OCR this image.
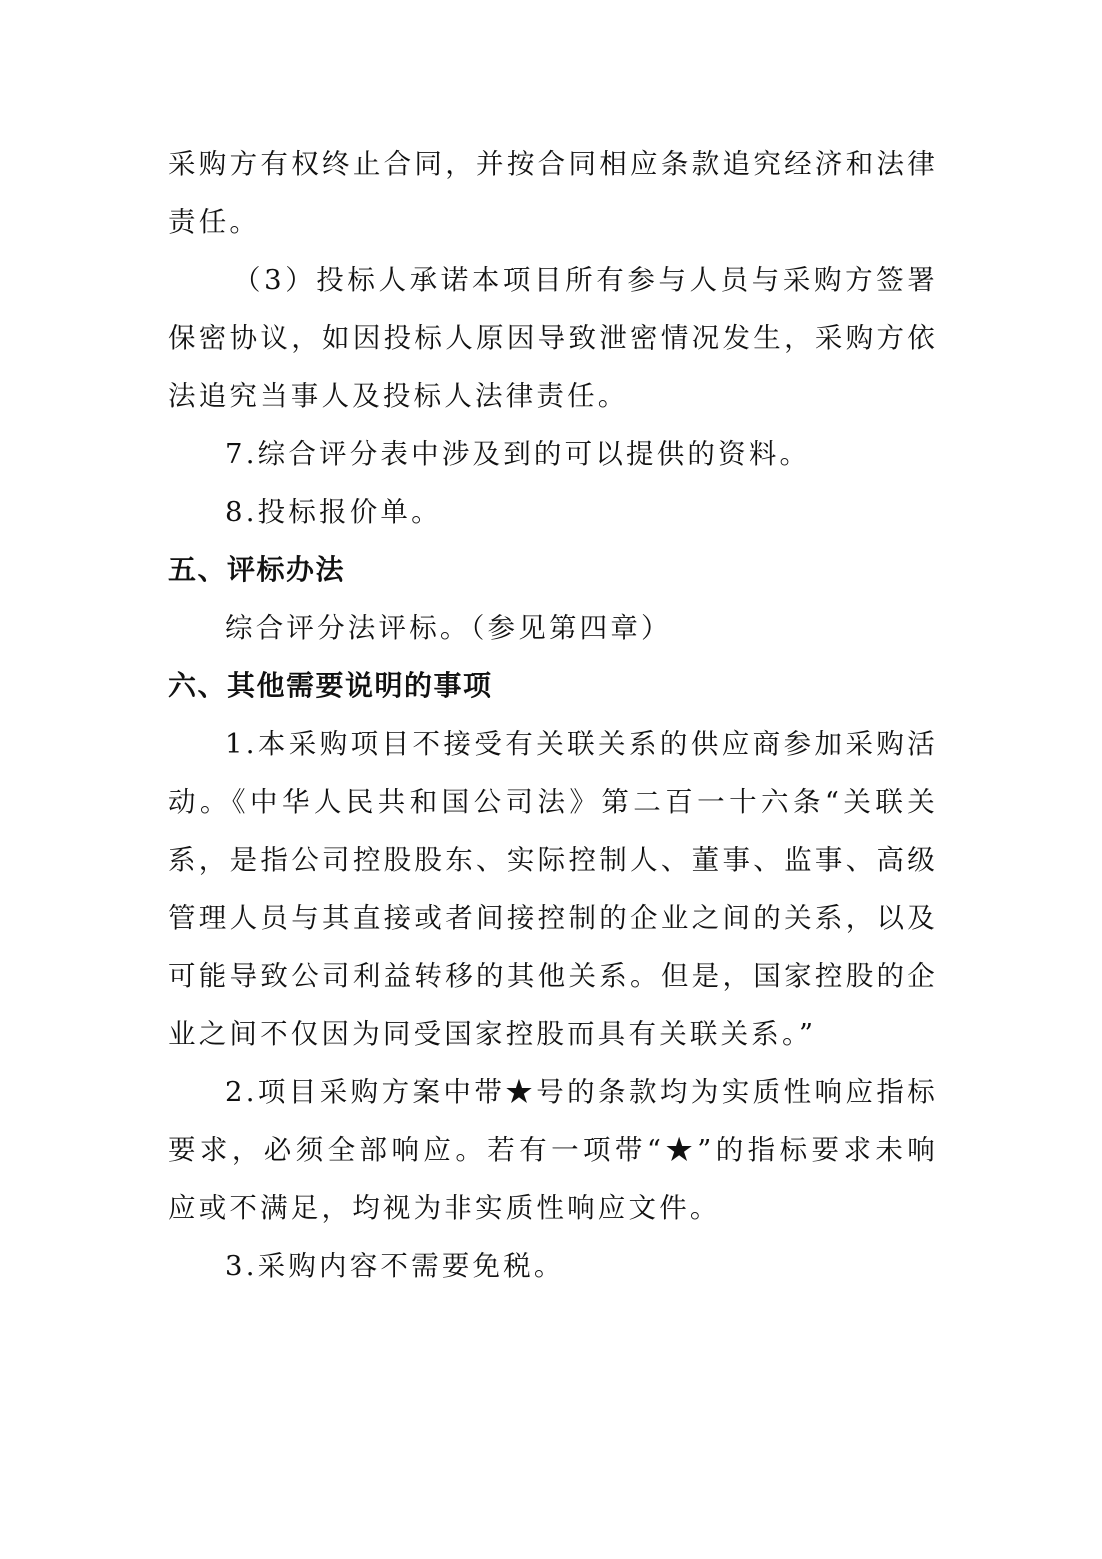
采购方有权终止合同，并按合同相应条款追究经济和法律责任。

（3）投标人承诺本项目所有参与人员与采购方签署保密协议，如因投标人原因导致泄密情况发生，采购方依法追究当事人及投标人法律责任。

7.综合评分表中涉及到的可以提供的资料。

8.投标报价单。

五、评标办法

综合评分法评标。（参见第四章）

六、其他需要说明的事项

1.本采购项目不接受有关联关系的供应商参加采购活动。《中华人民共和国公司法》第二百一十六条“关联关系，是指公司控股股东、实际控制人、董事、监事、高级管理人员与其直接或者间接控制的企业之间的关系，以及可能导致公司利益转移的其他关系。但是，国家控股的企业之间不仅因为同受国家控股而具有关联关系。”

2.项目采购方案中带★号的条款均为实质性响应指标要求，必须全部响应。若有一项带“★”的指标要求未响应或不满足，均视为非实质性响应文件。

3.采购内容不需要免税。
